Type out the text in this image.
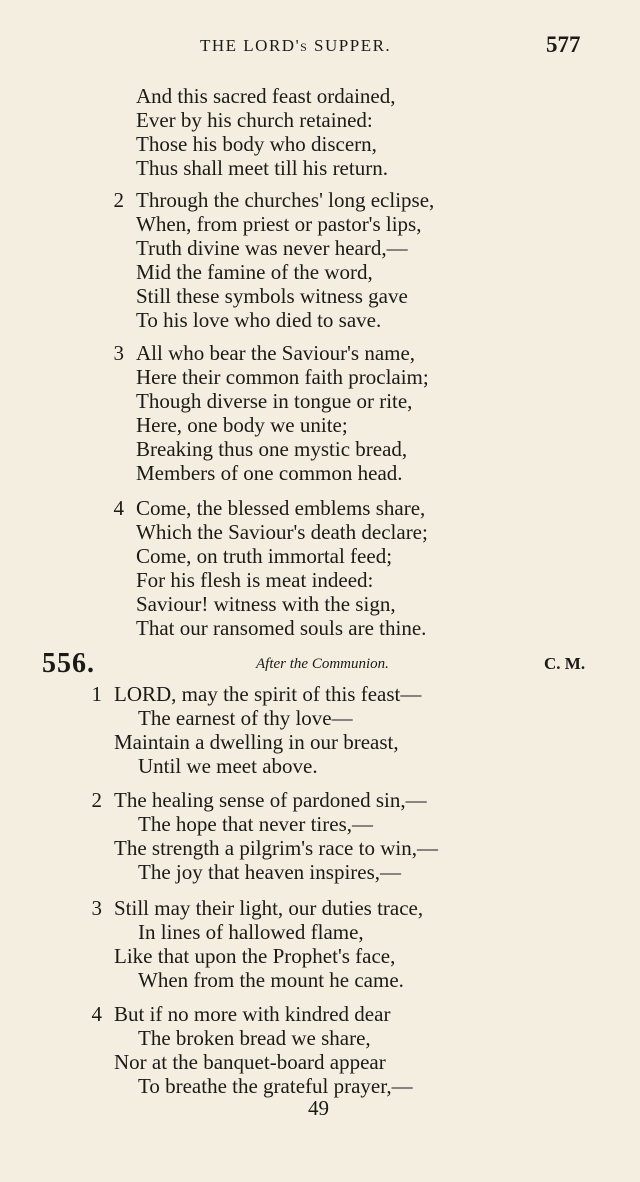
THE LORD's SUPPER.	577
And this sacred feast ordained,
Ever by his church retained:
Those his body who discern,
Thus shall meet till his return.
2 Through the churches' long eclipse,
When, from priest or pastor's lips,
Truth divine was never heard,—
Mid the famine of the word,
Still these symbols witness gave
To his love who died to save.
3 All who bear the Saviour's name,
Here their common faith proclaim;
Though diverse in tongue or rite,
Here, one body we unite;
Breaking thus one mystic bread,
Members of one common head.
4 Come, the blessed emblems share,
Which the Saviour's death declare;
Come, on truth immortal feed;
For his flesh is meat indeed:
Saviour! witness with the sign,
That our ransomed souls are thine.
556.	After the Communion.	C. M.
1 LORD, may the spirit of this feast—
The earnest of thy love—
Maintain a dwelling in our breast,
Until we meet above.
2 The healing sense of pardoned sin,—
The hope that never tires,—
The strength a pilgrim's race to win,—
The joy that heaven inspires,—
3 Still may their light, our duties trace,
In lines of hallowed flame,
Like that upon the Prophet's face,
When from the mount he came.
4 But if no more with kindred dear
The broken bread we share,
Nor at the banquet-board appear
To breathe the grateful prayer,—
49
